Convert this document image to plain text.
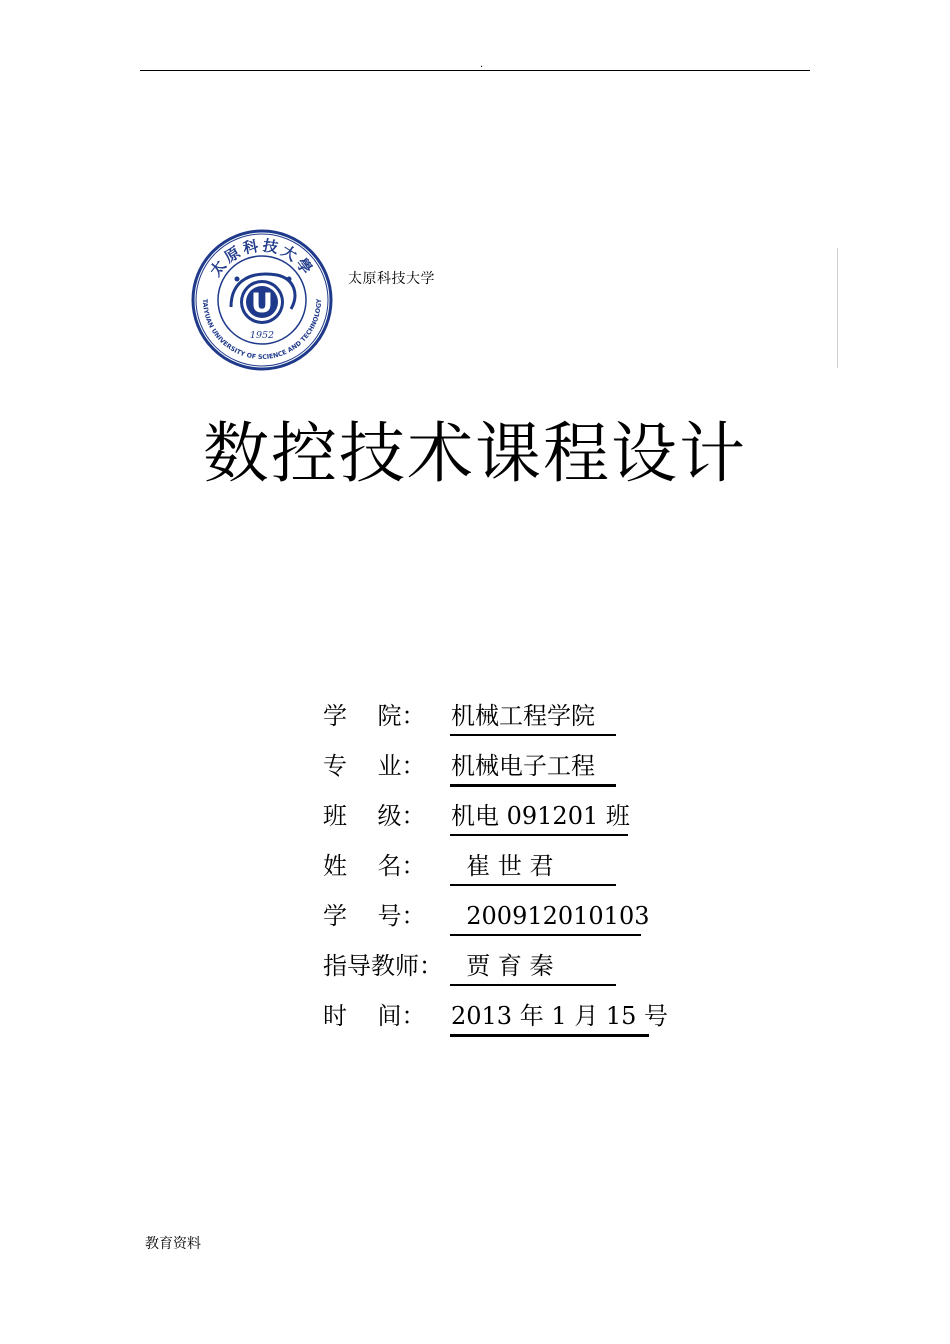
.
太原科技大學
TAIYUAN UNIVERSITY OF SCIENCE AND TECHNOLOGY
U
1952
太原科技大学
数控技术课程设计
学    院： 机械工程学院
专    业： 机械电子工程
班    级： 机电 091201 班
姓    名： 崔 世 君
学    号： 200912010103
指导教师： 贾 育 秦
时    间： 2013 年 1 月 15 号
教育资料
